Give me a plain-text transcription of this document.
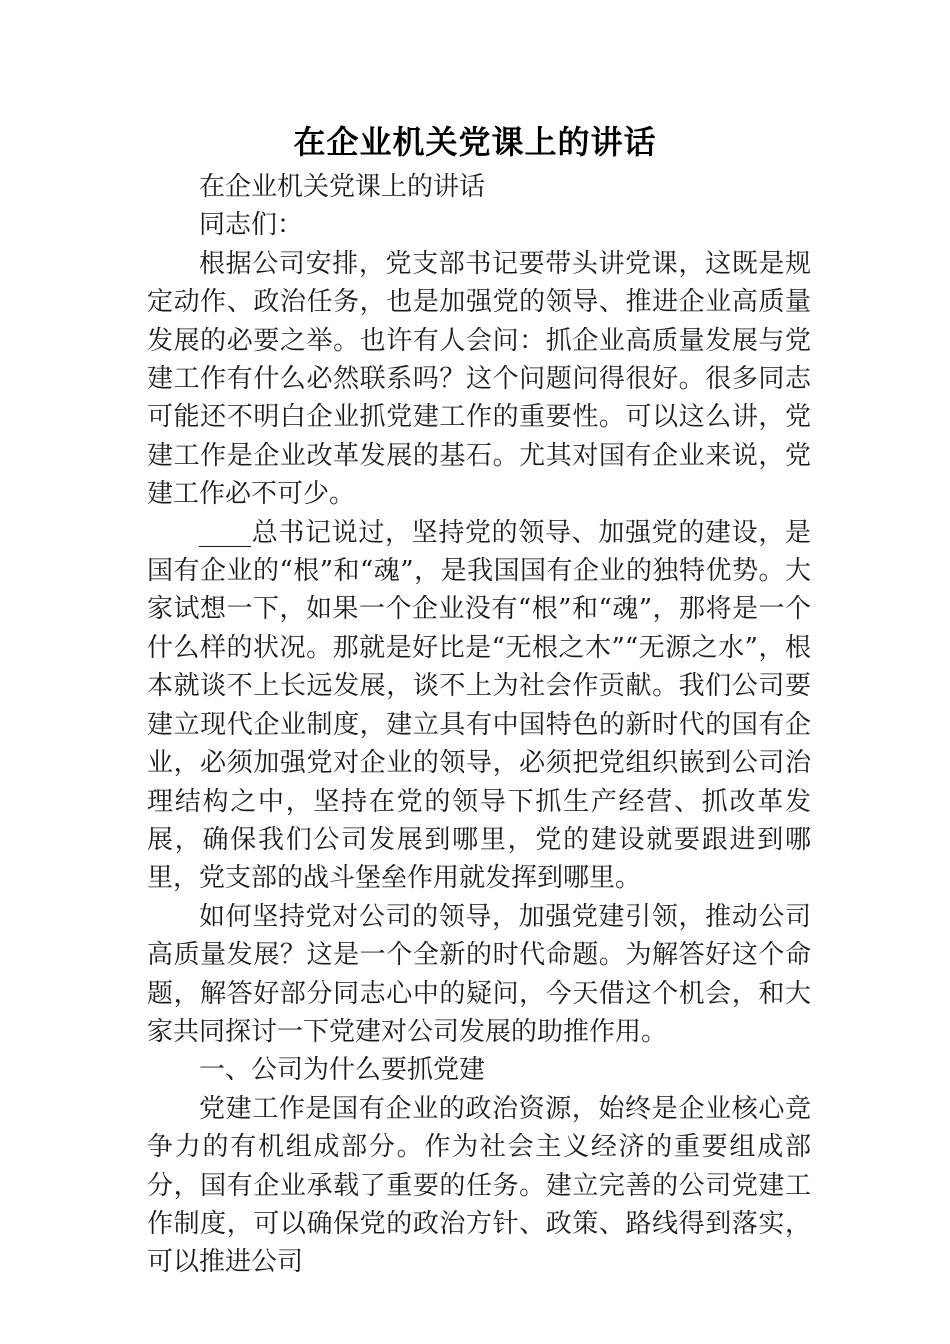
在企业机关党课上的讲话

在企业机关党课上的讲话

同志们：

根据公司安排，党支部书记要带头讲党课，这既是规定动作、政治任务，也是加强党的领导、推进企业高质量发展的必要之举。也许有人会问：抓企业高质量发展与党建工作有什么必然联系吗？这个问题问得很好。很多同志可能还不明白企业抓党建工作的重要性。可以这么讲，党建工作是企业改革发展的基石。尤其对国有企业来说，党建工作必不可少。

____总书记说过，坚持党的领导、加强党的建设，是国有企业的“根”和“魂”，是我国国有企业的独特优势。大家试想一下，如果一个企业没有“根”和“魂”，那将是一个什么样的状况。那就是好比是“无根之木”“无源之水”，根本就谈不上长远发展，谈不上为社会作贡献。我们公司要建立现代企业制度，建立具有中国特色的新时代的国有企业，必须加强党对企业的领导，必须把党组织嵌到公司治理结构之中，坚持在党的领导下抓生产经营、抓改革发展，确保我们公司发展到哪里，党的建设就要跟进到哪里，党支部的战斗堡垒作用就发挥到哪里。

如何坚持党对公司的领导，加强党建引领，推动公司高质量发展？这是一个全新的时代命题。为解答好这个命题，解答好部分同志心中的疑问，今天借这个机会，和大家共同探讨一下党建对公司发展的助推作用。

一、公司为什么要抓党建

党建工作是国有企业的政治资源，始终是企业核心竞争力的有机组成部分。作为社会主义经济的重要组成部分，国有企业承载了重要的任务。建立完善的公司党建工作制度，可以确保党的政治方针、政策、路线得到落实，可以推进公司
